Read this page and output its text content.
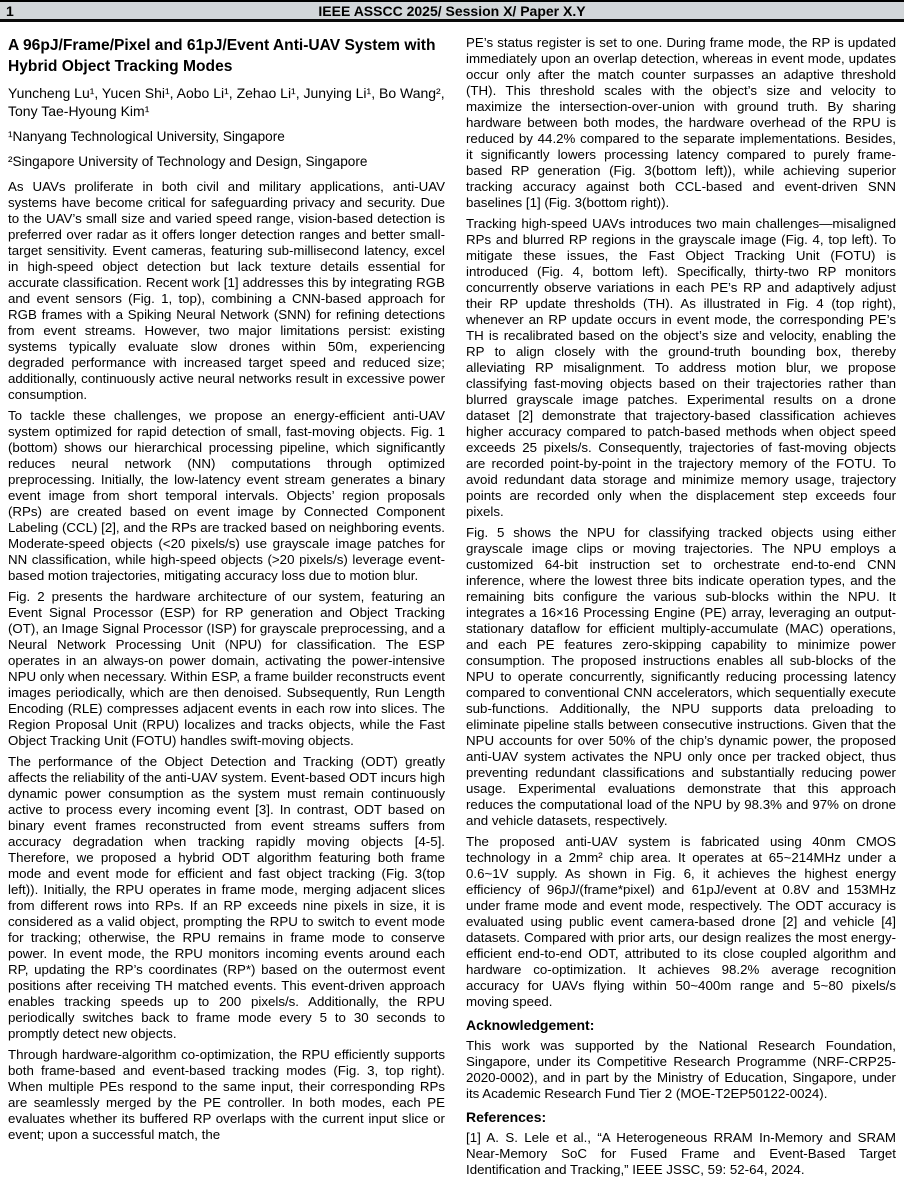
1	IEEE ASSCC 2025/ Session X/ Paper X.Y
A 96pJ/Frame/Pixel and 61pJ/Event Anti-UAV System with Hybrid Object Tracking Modes

Yuncheng Lu¹, Yucen Shi¹, Aobo Li¹, Zehao Li¹, Junying Li¹, Bo Wang², Tony Tae-Hyoung Kim¹

¹Nanyang Technological University, Singapore

²Singapore University of Technology and Design, Singapore

As UAVs proliferate in both civil and military applications, anti-UAV systems have become critical for safeguarding privacy and security. Due to the UAV’s small size and varied speed range, vision-based detection is preferred over radar as it offers longer detection ranges and better small-target sensitivity. Event cameras, featuring sub-millisecond latency, excel in high-speed object detection but lack texture details essential for accurate classification. Recent work [1] addresses this by integrating RGB and event sensors (Fig. 1, top), combining a CNN-based approach for RGB frames with a Spiking Neural Network (SNN) for refining detections from event streams. However, two major limitations persist: existing systems typically evaluate slow drones within 50m, experiencing degraded performance with increased target speed and reduced size; additionally, continuously active neural networks result in excessive power consumption.

To tackle these challenges, we propose an energy-efficient anti-UAV system optimized for rapid detection of small, fast-moving objects. Fig. 1 (bottom) shows our hierarchical processing pipeline, which significantly reduces neural network (NN) computations through optimized preprocessing. Initially, the low-latency event stream generates a binary event image from short temporal intervals. Objects’ region proposals (RPs) are created based on event image by Connected Component Labeling (CCL) [2], and the RPs are tracked based on neighboring events. Moderate-speed objects (<20 pixels/s) use grayscale image patches for NN classification, while high-speed objects (>20 pixels/s) leverage event-based motion trajectories, mitigating accuracy loss due to motion blur.

Fig. 2 presents the hardware architecture of our system, featuring an Event Signal Processor (ESP) for RP generation and Object Tracking (OT), an Image Signal Processor (ISP) for grayscale preprocessing, and a Neural Network Processing Unit (NPU) for classification. The ESP operates in an always-on power domain, activating the power-intensive NPU only when necessary. Within ESP, a frame builder reconstructs event images periodically, which are then denoised. Subsequently, Run Length Encoding (RLE) compresses adjacent events in each row into slices. The Region Proposal Unit (RPU) localizes and tracks objects, while the Fast Object Tracking Unit (FOTU) handles swift-moving objects.

The performance of the Object Detection and Tracking (ODT) greatly affects the reliability of the anti-UAV system. Event-based ODT incurs high dynamic power consumption as the system must remain continuously active to process every incoming event [3]. In contrast, ODT based on binary event frames reconstructed from event streams suffers from accuracy degradation when tracking rapidly moving objects [4-5]. Therefore, we proposed a hybrid ODT algorithm featuring both frame mode and event mode for efficient and fast object tracking (Fig. 3(top left)). Initially, the RPU operates in frame mode, merging adjacent slices from different rows into RPs. If an RP exceeds nine pixels in size, it is considered as a valid object, prompting the RPU to switch to event mode for tracking; otherwise, the RPU remains in frame mode to conserve power. In event mode, the RPU monitors incoming events around each RP, updating the RP’s coordinates (RP*) based on the outermost event positions after receiving TH matched events. This event-driven approach enables tracking speeds up to 200 pixels/s. Additionally, the RPU periodically switches back to frame mode every 5 to 30 seconds to promptly detect new objects.

Through hardware-algorithm co-optimization, the RPU efficiently supports both frame-based and event-based tracking modes (Fig. 3, top right). When multiple PEs respond to the same input, their corresponding RPs are seamlessly merged by the PE controller. In both modes, each PE evaluates whether its buffered RP overlaps with the current input slice or event; upon a successful match, the

PE’s status register is set to one. During frame mode, the RP is updated immediately upon an overlap detection, whereas in event mode, updates occur only after the match counter surpasses an adaptive threshold (TH). This threshold scales with the object’s size and velocity to maximize the intersection-over-union with ground truth. By sharing hardware between both modes, the hardware overhead of the RPU is reduced by 44.2% compared to the separate implementations. Besides, it significantly lowers processing latency compared to purely frame-based RP generation (Fig. 3(bottom left)), while achieving superior tracking accuracy against both CCL-based and event-driven SNN baselines [1] (Fig. 3(bottom right)).

Tracking high-speed UAVs introduces two main challenges—misaligned RPs and blurred RP regions in the grayscale image (Fig. 4, top left). To mitigate these issues, the Fast Object Tracking Unit (FOTU) is introduced (Fig. 4, bottom left). Specifically, thirty-two RP monitors concurrently observe variations in each PE’s RP and adaptively adjust their RP update thresholds (TH). As illustrated in Fig. 4 (top right), whenever an RP update occurs in event mode, the corresponding PE’s TH is recalibrated based on the object’s size and velocity, enabling the RP to align closely with the ground-truth bounding box, thereby alleviating RP misalignment. To address motion blur, we propose classifying fast-moving objects based on their trajectories rather than blurred grayscale image patches. Experimental results on a drone dataset [2] demonstrate that trajectory-based classification achieves higher accuracy compared to patch-based methods when object speed exceeds 25 pixels/s. Consequently, trajectories of fast-moving objects are recorded point-by-point in the trajectory memory of the FOTU. To avoid redundant data storage and minimize memory usage, trajectory points are recorded only when the displacement step exceeds four pixels.

Fig. 5 shows the NPU for classifying tracked objects using either grayscale image clips or moving trajectories. The NPU employs a customized 64-bit instruction set to orchestrate end-to-end CNN inference, where the lowest three bits indicate operation types, and the remaining bits configure the various sub-blocks within the NPU. It integrates a 16×16 Processing Engine (PE) array, leveraging an output-stationary dataflow for efficient multiply-accumulate (MAC) operations, and each PE features zero-skipping capability to minimize power consumption. The proposed instructions enables all sub-blocks of the NPU to operate concurrently, significantly reducing processing latency compared to conventional CNN accelerators, which sequentially execute sub-functions. Additionally, the NPU supports data preloading to eliminate pipeline stalls between consecutive instructions. Given that the NPU accounts for over 50% of the chip’s dynamic power, the proposed anti-UAV system activates the NPU only once per tracked object, thus preventing redundant classifications and substantially reducing power usage. Experimental evaluations demonstrate that this approach reduces the computational load of the NPU by 98.3% and 97% on drone and vehicle datasets, respectively.

The proposed anti-UAV system is fabricated using 40nm CMOS technology in a 2mm² chip area. It operates at 65~214MHz under a 0.6~1V supply. As shown in Fig. 6, it achieves the highest energy efficiency of 96pJ/(frame*pixel) and 61pJ/event at 0.8V and 153MHz under frame mode and event mode, respectively. The ODT accuracy is evaluated using public event camera-based drone [2] and vehicle [4] datasets. Compared with prior arts, our design realizes the most energy-efficient end-to-end ODT, attributed to its close coupled algorithm and hardware co-optimization. It achieves 98.2% average recognition accuracy for UAVs flying within 50~400m range and 5~80 pixels/s moving speed.

Acknowledgement:

This work was supported by the National Research Foundation, Singapore, under its Competitive Research Programme (NRF-CRP25-2020-0002), and in part by the Ministry of Education, Singapore, under its Academic Research Fund Tier 2 (MOE-T2EP50122-0024).

References:

[1] A. S. Lele et al., “A Heterogeneous RRAM In-Memory and SRAM Near-Memory SoC for Fused Frame and Event-Based Target Identification and Tracking,” IEEE JSSC, 59: 52-64, 2024.
